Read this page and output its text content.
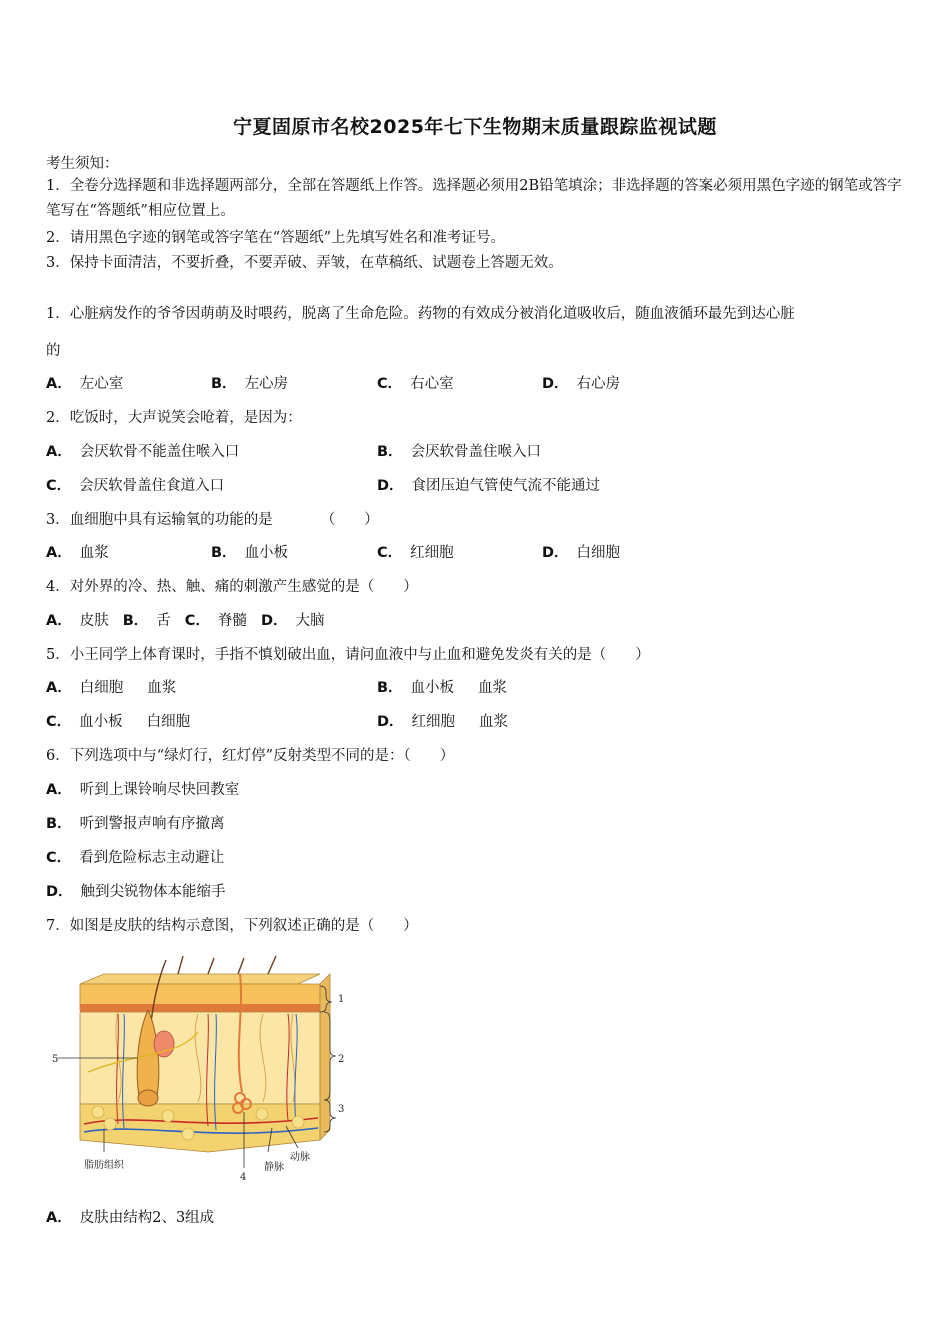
宁夏固原市名校2025年七下生物期末质量跟踪监视试题
考生须知：
1．全卷分选择题和非选择题两部分，全部在答题纸上作答。选择题必须用2B铅笔填涂；非选择题的答案必须用黑色字迹的钢笔或答字笔写在“答题纸”相应位置上。
2．请用黑色字迹的钢笔或答字笔在“答题纸”上先填写姓名和准考证号。
3．保持卡面清洁，不要折叠，不要弄破、弄皱，在草稿纸、试题卷上答题无效。
1．心脏病发作的爷爷因萌萌及时喂药，脱离了生命危险。药物的有效成分被消化道吸收后，随血液循环最先到达心脏
的
A． 左心室	B． 左心房	C． 右心室	D． 右心房
2．吃饭时，大声说笑会呛着，是因为：
A． 会厌软骨不能盖住喉入口	B． 会厌软骨盖住喉入口
C． 会厌软骨盖住食道入口	D． 食团压迫气管使气流不能通过
3．血细胞中具有运输氧的功能的是	（　　）
A． 血浆	B． 血小板	C． 红细胞	D． 白细胞
4．对外界的冷、热、触、痛的刺激产生感觉的是（　　）
A． 皮肤 B． 舌 C． 脊髓 D． 大脑
5．小王同学上体育课时，手指不慎划破出血，请问血液中与止血和避免发炎有关的是（　　）
A． 白细胞 血浆	B． 血小板 血浆
C． 血小板 白细胞	D． 红细胞 血浆
6．下列选项中与“绿灯行，红灯停”反射类型不同的是：（　　）
A． 听到上课铃响尽快回教室
B． 听到警报声响有序撤离
C． 看到危险标志主动避让
D． 触到尖锐物体本能缩手
7．如图是皮肤的结构示意图，下列叙述正确的是（　　）
1
2
3
5
4
脂肪组织	静脉
动脉
A． 皮肤由结构2、3组成
